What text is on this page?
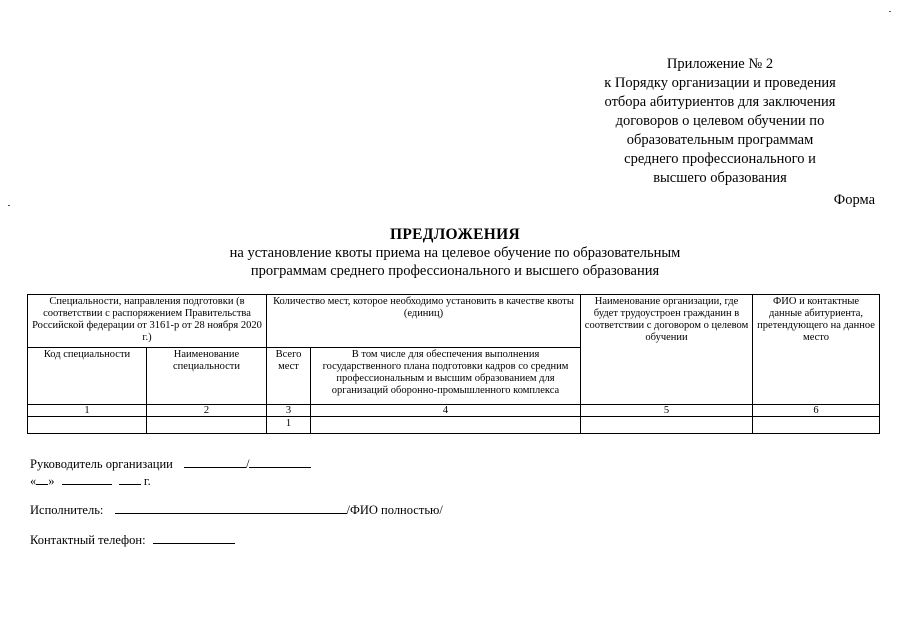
Приложение № 2
к Порядку организации и проведения
отбора абитуриентов для заключения
договоров о целевом обучении по
образовательным программам
среднего профессионального и
высшего образования
Форма
ПРЕДЛОЖЕНИЯ
на установление квоты приема на целевое обучение по образовательным
программам среднего профессионального и высшего образования
Специальности, направления подготовки (в соответствии с распоряжением Правительства Российской федерации от 3161-р от 28 ноября 2020 г.)		Количество мест, которое необходимо установить в качестве квоты (единиц)		Наименование организации, где будет трудоустроен гражданин в соответствии с договором о целевом обучении	ФИО и контактные данные абитуриента, претендующего на данное место
Код специальности	Наименование специальности	Всего мест	В том числе для обеспечения выполнения государственного плана подготовки кадров со средним профессиональным и высшим образованием для организаций оборонно-промышленного комплекса		
1	2	3	4	5	6
		1			
Руководитель организации	/
« »	г.
Исполнитель:	/ФИО полностью/
Контактный телефон:
